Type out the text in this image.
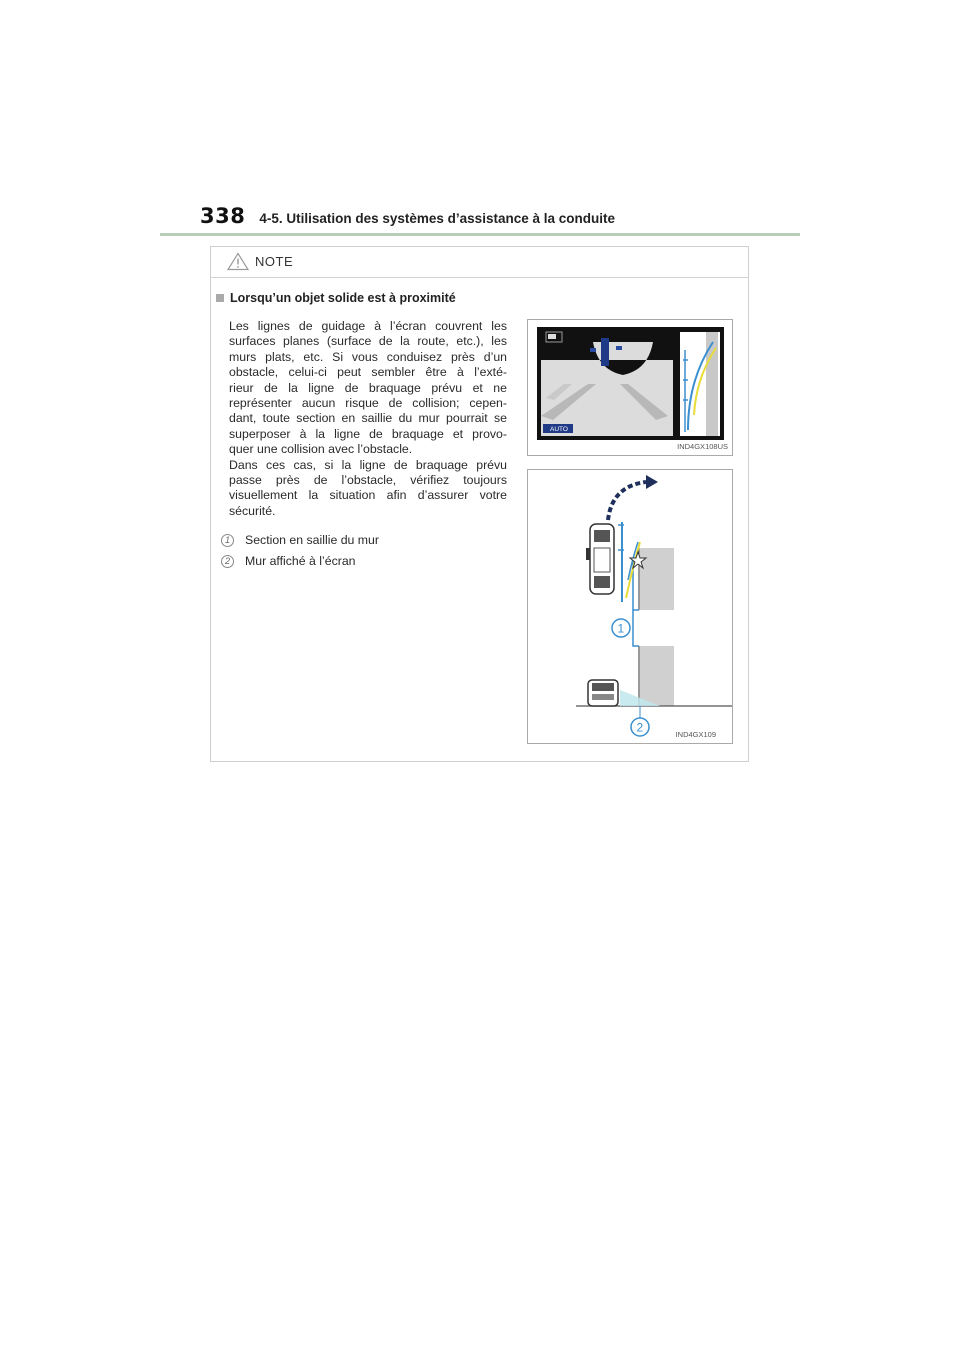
338 4-5. Utilisation des systèmes d’assistance à la conduite
NOTE
Lorsqu’un objet solide est à proximité
Les lignes de guidage à l’écran couvrent les
surfaces planes (surface de la route, etc.), les
murs plats, etc. Si vous conduisez près d’un
obstacle, celui-ci peut sembler être à l’exté-
rieur de la ligne de braquage prévu et ne
représenter aucun risque de collision; cepen-
dant, toute section en saillie du mur pourrait se
superposer à la ligne de braquage et provo-
quer une collision avec l’obstacle.
Dans ces cas, si la ligne de braquage prévu
passe près de l’obstacle, vérifiez toujours
visuellement la situation afin d’assurer votre
sécurité.
1	Section en saillie du mur
2	Mur affiché à l’écran
AUTO
IND4GX108US
1
2	IND4GX109
